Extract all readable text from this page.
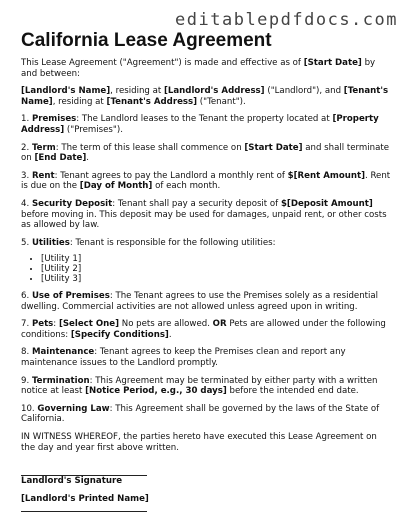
editablepdfdocs.com
California Lease Agreement

This Lease Agreement ("Agreement") is made and effective as of [Start Date] by and between:

[Landlord's Name], residing at [Landlord's Address] ("Landlord"), and [Tenant's Name], residing at [Tenant's Address] ("Tenant").

1. Premises: The Landlord leases to the Tenant the property located at [Property Address] ("Premises").

2. Term: The term of this lease shall commence on [Start Date] and shall terminate on [End Date].

3. Rent: Tenant agrees to pay the Landlord a monthly rent of $[Rent Amount]. Rent is due on the [Day of Month] of each month.

4. Security Deposit: Tenant shall pay a security deposit of $[Deposit Amount] before moving in. This deposit may be used for damages, unpaid rent, or other costs as allowed by law.

5. Utilities: Tenant is responsible for the following utilities:

• [Utility 1]
• [Utility 2]
• [Utility 3]

6. Use of Premises: The Tenant agrees to use the Premises solely as a residential dwelling. Commercial activities are not allowed unless agreed upon in writing.

7. Pets: [Select One] No pets are allowed. OR Pets are allowed under the following conditions: [Specify Conditions].

8. Maintenance: Tenant agrees to keep the Premises clean and report any maintenance issues to the Landlord promptly.

9. Termination: This Agreement may be terminated by either party with a written notice at least [Notice Period, e.g., 30 days] before the intended end date.

10. Governing Law: This Agreement shall be governed by the laws of the State of California.

IN WITNESS WHEREOF, the parties hereto have executed this Lease Agreement on the day and year first above written.

Landlord's Signature

[Landlord's Printed Name]
